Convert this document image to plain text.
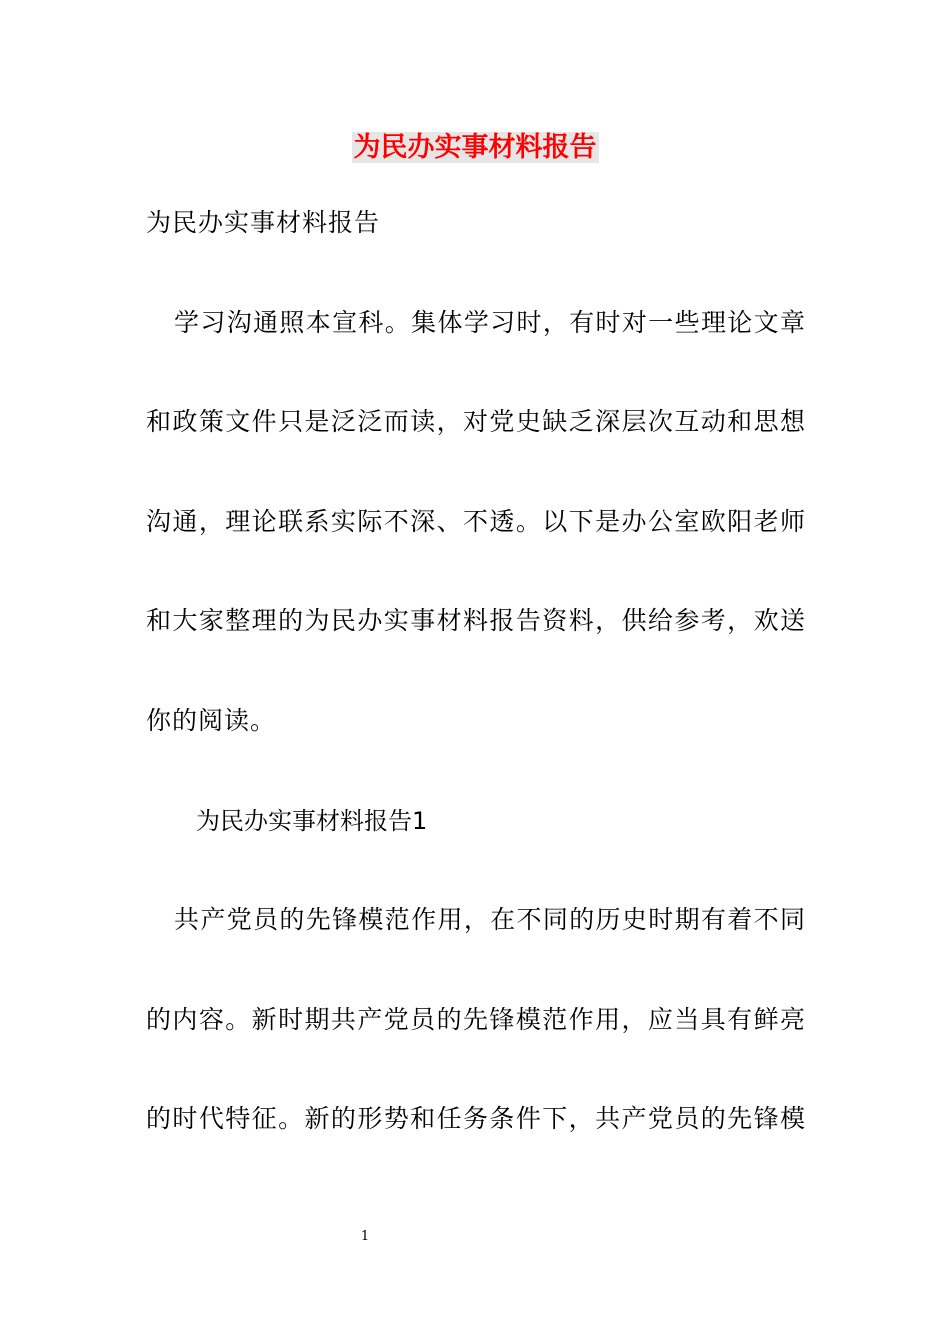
为民办实事材料报告
为民办实事材料报告
学习沟通照本宣科。集体学习时，有时对一些理论文章
和政策文件只是泛泛而读，对党史缺乏深层次互动和思想
沟通，理论联系实际不深、不透。以下是办公室欧阳老师
和大家整理的为民办实事材料报告资料，供给参考，欢送
你的阅读。
为民办实事材料报告1
共产党员的先锋模范作用，在不同的历史时期有着不同
的内容。新时期共产党员的先锋模范作用，应当具有鲜亮
的时代特征。新的形势和任务条件下，共产党员的先锋模
1
